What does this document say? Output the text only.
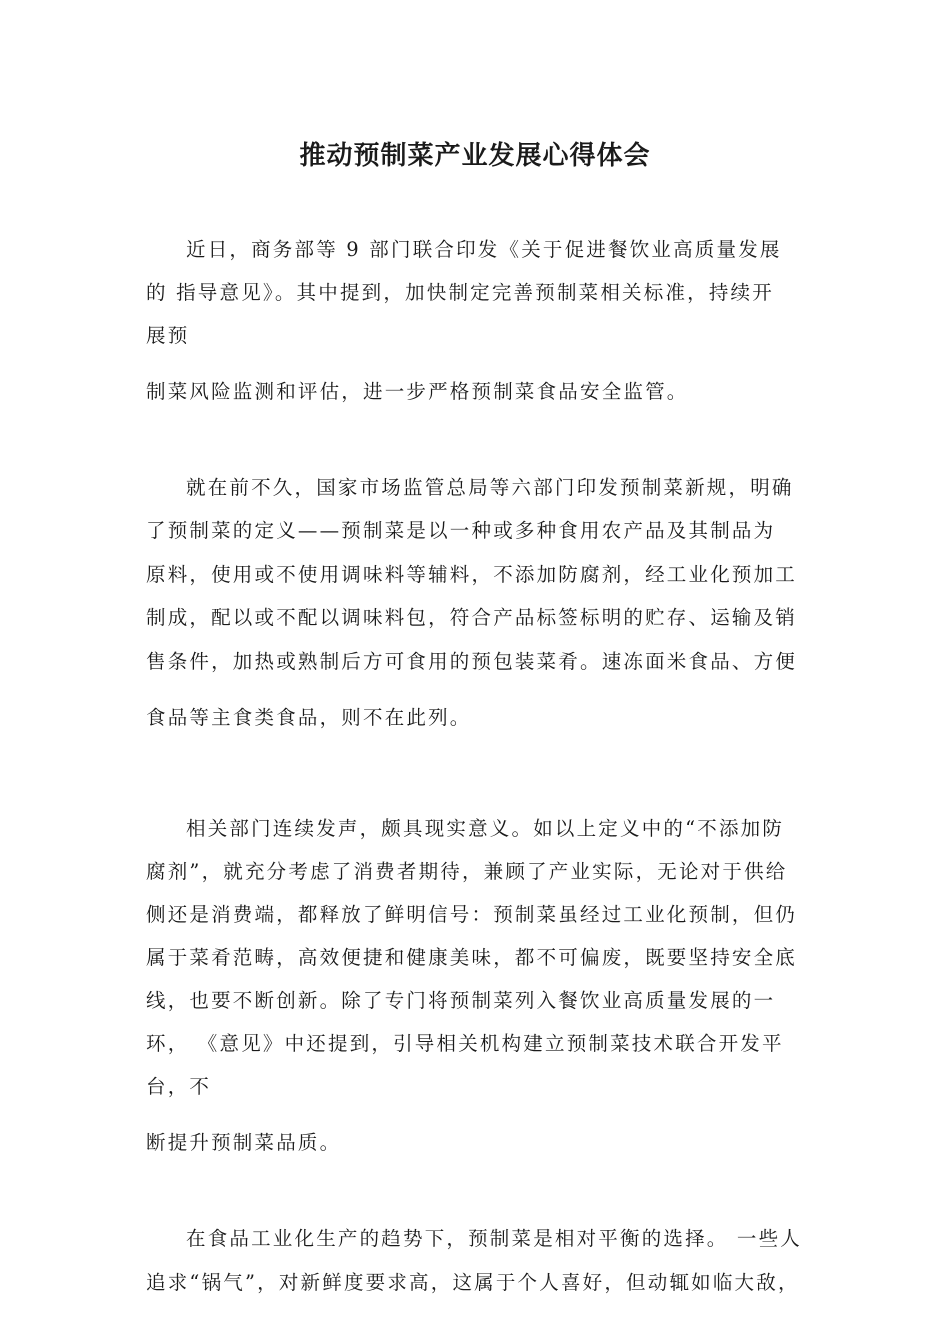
推动预制菜产业发展心得体会

近日，商务部等 9 部门联合印发《关于促进餐饮业高质量发展

的 指导意见》。其中提到，加快制定完善预制菜相关标准，持续开

展预

制菜风险监测和评估，进一步严格预制菜食品安全监管。

就在前不久，国家市场监管总局等六部门印发预制菜新规，明确

了预制菜的定义——预制菜是以一种或多种食用农产品及其制品为

原料，使用或不使用调味料等辅料，不添加防腐剂，经工业化预加工

制成，配以或不配以调味料包，符合产品标签标明的贮存、运输及销

售条件，加热或熟制后方可食用的预包装菜肴。速冻面米食品、方便

食品等主食类食品，则不在此列。

相关部门连续发声，颇具现实意义。如以上定义中的“不添加防

腐剂”，就充分考虑了消费者期待，兼顾了产业实际，无论对于供给

侧还是消费端，都释放了鲜明信号：预制菜虽经过工业化预制，但仍

属于菜肴范畴，高效便捷和健康美味，都不可偏废，既要坚持安全底

线，也要不断创新。除了专门将预制菜列入餐饮业高质量发展的一

环， 《意见》中还提到，引导相关机构建立预制菜技术联合开发平

台，不

断提升预制菜品质。

在食品工业化生产的趋势下，预制菜是相对平衡的选择。 一些人

追求“锅气”，对新鲜度要求高，这属于个人喜好，但动辄如临大敌，
